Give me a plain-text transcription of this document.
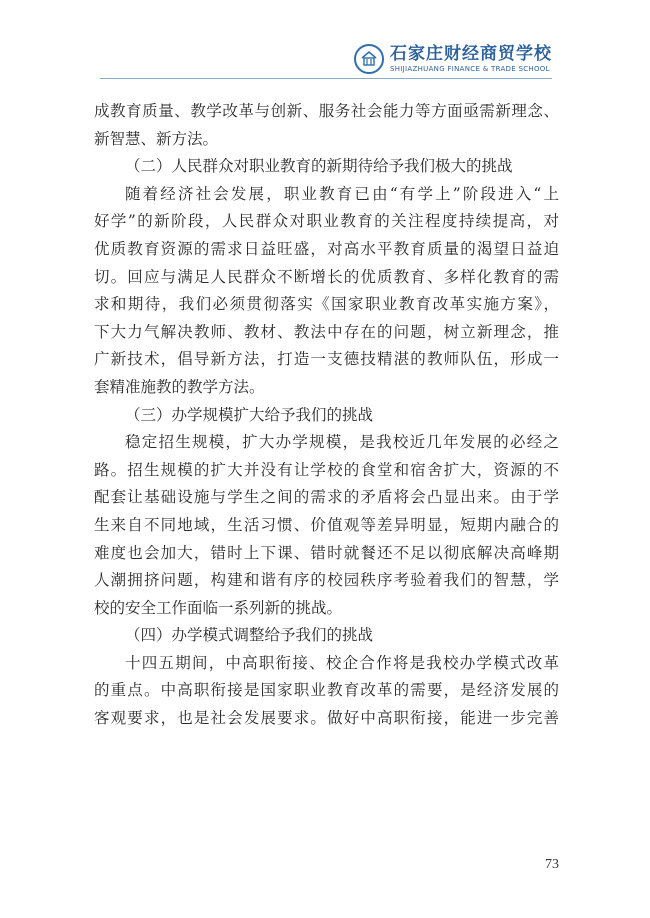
石家庄财经商贸学校
SHIJIAZHUANG FINANCE & TRADE SCHOOL
成教育质量、教学改革与创新、服务社会能力等方面亟需新理念、
新智慧、新方法。
（二）人民群众对职业教育的新期待给予我们极大的挑战
随着经济社会发展，职业教育已由“有学上”阶段进入“上
好学”的新阶段，人民群众对职业教育的关注程度持续提高，对
优质教育资源的需求日益旺盛，对高水平教育质量的渴望日益迫
切。回应与满足人民群众不断增长的优质教育、多样化教育的需
求和期待，我们必须贯彻落实《国家职业教育改革实施方案》，
下大力气解决教师、教材、教法中存在的问题，树立新理念，推
广新技术，倡导新方法，打造一支德技精湛的教师队伍，形成一
套精准施教的教学方法。
（三）办学规模扩大给予我们的挑战
稳定招生规模，扩大办学规模，是我校近几年发展的必经之
路。招生规模的扩大并没有让学校的食堂和宿舍扩大，资源的不
配套让基础设施与学生之间的需求的矛盾将会凸显出来。由于学
生来自不同地域，生活习惯、价值观等差异明显，短期内融合的
难度也会加大，错时上下课、错时就餐还不足以彻底解决高峰期
人潮拥挤问题，构建和谐有序的校园秩序考验着我们的智慧，学
校的安全工作面临一系列新的挑战。
（四）办学模式调整给予我们的挑战
十四五期间，中高职衔接、校企合作将是我校办学模式改革
的重点。中高职衔接是国家职业教育改革的需要，是经济发展的
客观要求，也是社会发展要求。做好中高职衔接，能进一步完善
73
